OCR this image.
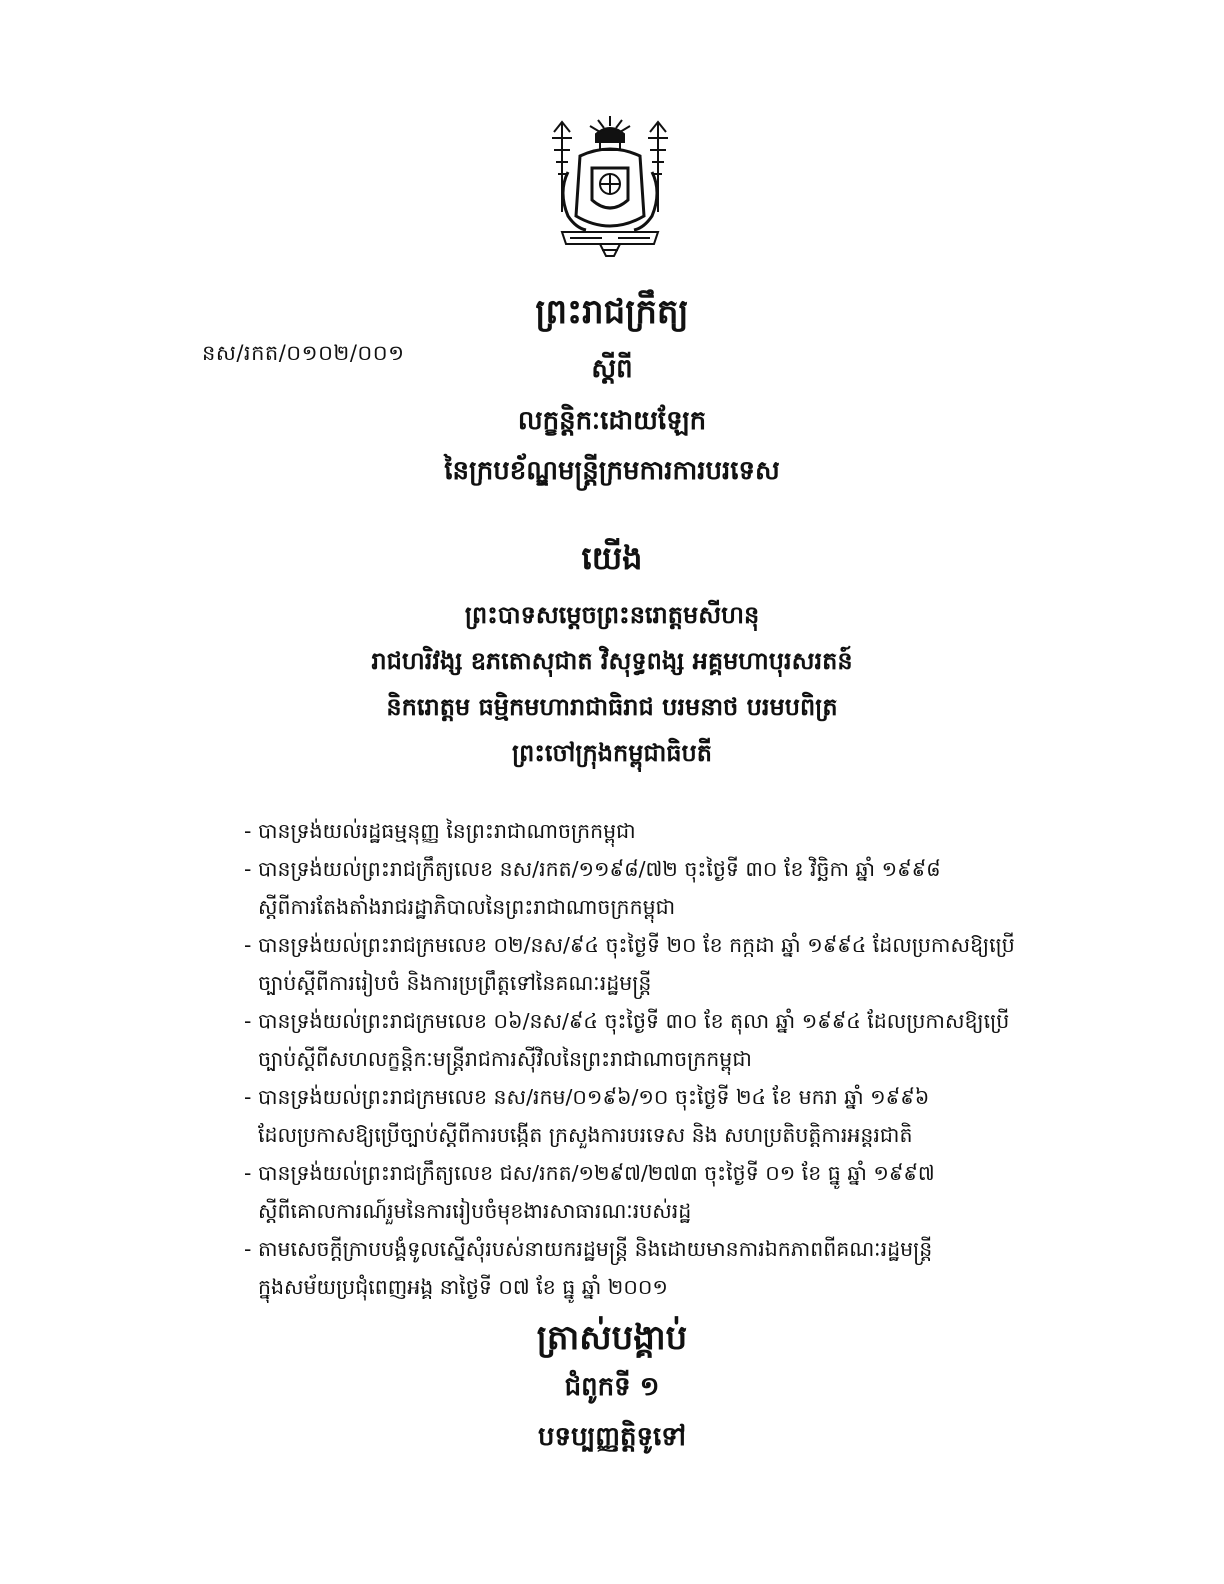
នស/រកត/០១០២/០០១
ព្រះរាជក្រឹត្យ
ស្តីពី
លក្ខន្តិកៈដោយឡែក
នៃក្របខ័ណ្ឌមន្ត្រីក្រមការការបរទេស
យើង
ព្រះបាទសម្តេចព្រះនរោត្តមសីហនុ
រាជហរិវង្ស ឧភតោសុជាត វិសុទ្ធពង្ស អគ្គមហាបុរសរតន៍
និករោត្តម ធម្មិកមហារាជាធិរាជ បរមនាថ បរមបពិត្រ
ព្រះចៅក្រុងកម្ពុជាធិបតី
- បានទ្រង់យល់រដ្ឋធម្មនុញ្ញ នៃព្រះរាជាណាចក្រកម្ពុជា
- បានទ្រង់យល់ព្រះរាជក្រឹត្យលេខ នស/រកត/១១៩៨/៧២ ចុះថ្ងៃទី ៣០ ខែ វិច្ឆិកា ឆ្នាំ ១៩៩៨
ស្តីពីការតែងតាំងរាជរដ្ឋាភិបាលនៃព្រះរាជាណាចក្រកម្ពុជា
- បានទ្រង់យល់ព្រះរាជក្រមលេខ ០២/នស/៩៤ ចុះថ្ងៃទី ២០ ខែ កក្កដា ឆ្នាំ ១៩៩៤ ដែលប្រកាសឱ្យប្រើ
ច្បាប់ស្តីពីការរៀបចំ និងការប្រព្រឹត្តទៅនៃគណៈរដ្ឋមន្ត្រី
- បានទ្រង់យល់ព្រះរាជក្រមលេខ ០៦/នស/៩៤ ចុះថ្ងៃទី ៣០ ខែ តុលា ឆ្នាំ ១៩៩៤ ដែលប្រកាសឱ្យប្រើ
ច្បាប់ស្តីពីសហលក្ខន្តិកៈមន្ត្រីរាជការស៊ីវិលនៃព្រះរាជាណាចក្រកម្ពុជា
- បានទ្រង់យល់ព្រះរាជក្រមលេខ នស/រកម/០១៩៦/១០ ចុះថ្ងៃទី ២៤ ខែ មករា ឆ្នាំ ១៩៩៦
ដែលប្រកាសឱ្យប្រើច្បាប់ស្តីពីការបង្កើត ក្រសួងការបរទេស និង សហប្រតិបត្តិការអន្តរជាតិ
- បានទ្រង់យល់ព្រះរាជក្រឹត្យលេខ ជស/រកត/១២៩៧/២៧៣ ចុះថ្ងៃទី ០១ ខែ ធ្នូ ឆ្នាំ ១៩៩៧
ស្តីពីគោលការណ៍រួមនៃការរៀបចំមុខងារសាធារណៈរបស់រដ្ឋ
- តាមសេចក្តីក្រាបបង្គំទូលស្នើសុំរបស់នាយករដ្ឋមន្ត្រី និងដោយមានការឯកភាពពីគណៈរដ្ឋមន្ត្រី
ក្នុងសម័យប្រជុំពេញអង្គ នាថ្ងៃទី ០៧ ខែ ធ្នូ ឆ្នាំ ២០០១
ត្រាស់បង្គាប់
ជំពូកទី ១
បទប្បញ្ញត្តិទូទៅ
